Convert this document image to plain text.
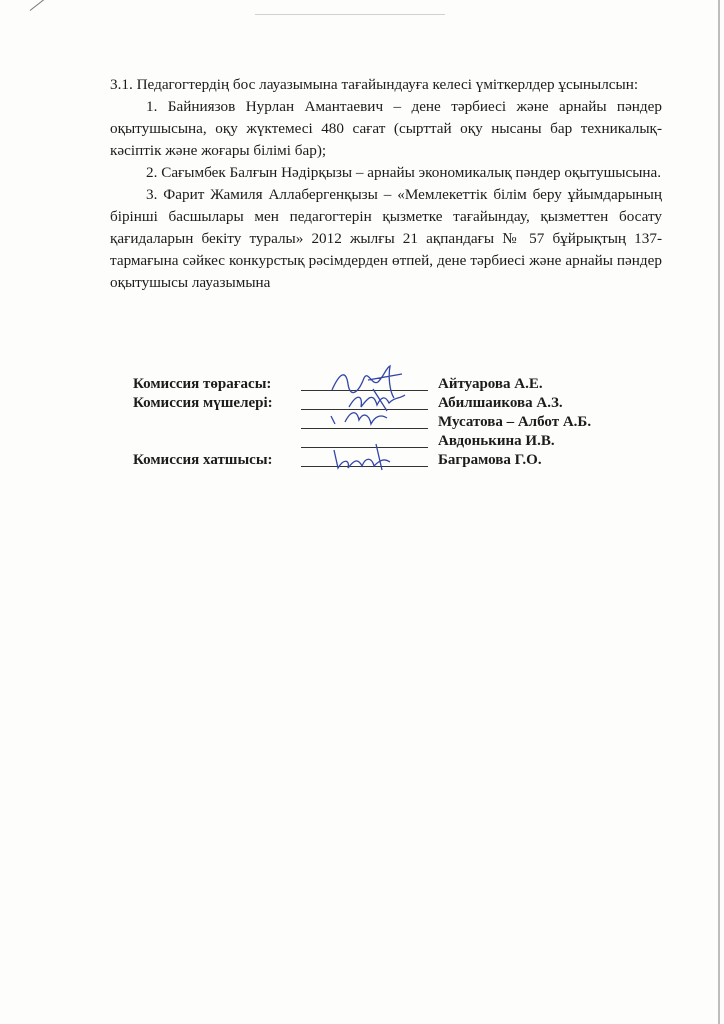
3.1. Педагогтердің бос лауазымына тағайындауға келесі үміткерлдер ұсынылсын:

1. Байниязов Нурлан Амантаевич – дене тәрбиесі және арнайы пәндер оқытушысына, оқу жүктемесі 480 сағат (сырттай оқу нысаны бар техникалық-кәсіптік және жоғары білімі бар);

2. Сағымбек Балғын Нәдірқызы – арнайы экономикалық пәндер оқытушысына.

3. Фарит Жамиля Аллабергенқызы – «Мемлекеттік білім беру ұйымдарының бірінші басшылары мен педагогтерін қызметке тағайындау, қызметтен босату қағидаларын бекіту туралы» 2012 жылғы 21 ақпандағы № 57 бұйрықтың 137-тармағына сәйкес конкурстық рәсімдерден өтпей, дене тәрбиесі және арнайы пәндер оқытушысы лауазымына

Комиссия төрағасы:	Айтуарова А.Е.
Комиссия мүшелері:	Абилшаикова А.З.
Мусатова – Албот А.Б.
Авдонькина И.В.
Комиссия хатшысы:	Баграмова Г.О.
